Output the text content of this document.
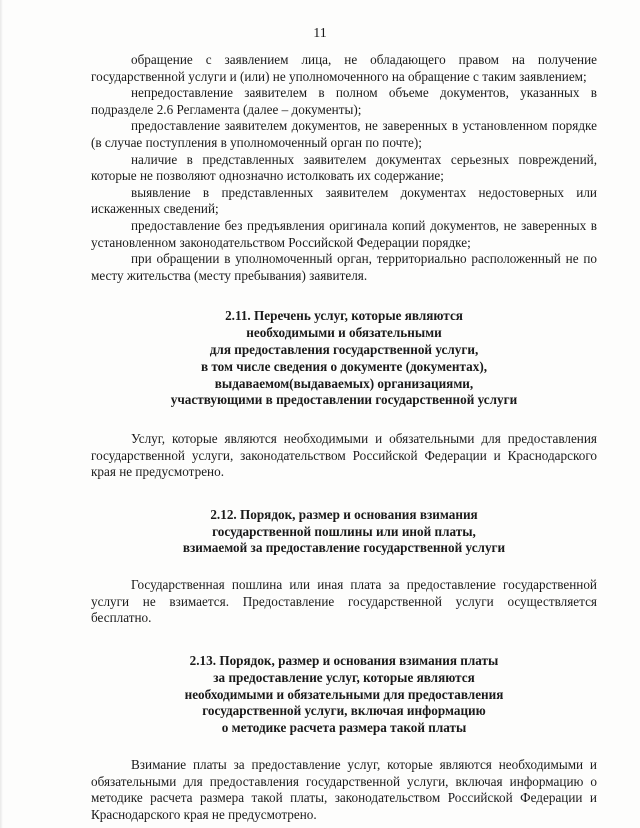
11

обращение с заявлением лица, не обладающего правом на получение государственной услуги и (или) не уполномоченного на обращение с таким заявлением;

непредоставление заявителем в полном объеме документов, указанных в подразделе 2.6 Регламента (далее – документы);

предоставление заявителем документов, не заверенных в установленном порядке (в случае поступления в уполномоченный орган по почте);

наличие в представленных заявителем документах серьезных повреждений, которые не позволяют однозначно истолковать их содержание;

выявление в представленных заявителем документах недостоверных или искаженных сведений;

предоставление без предъявления оригинала копий документов, не заверенных в установленном законодательством Российской Федерации порядке;

при обращении в уполномоченный орган, территориально расположенный не по месту жительства (месту пребывания) заявителя.

2.11. Перечень услуг, которые являются
необходимыми и обязательными
для предоставления государственной услуги,
в том числе сведения о документе (документах),
выдаваемом(выдаваемых) организациями,
участвующими в предоставлении государственной услуги

Услуг, которые являются необходимыми и обязательными для предоставления государственной услуги, законодательством Российской Федерации и Краснодарского края не предусмотрено.

2.12. Порядок, размер и основания взимания
государственной пошлины или иной платы,
взимаемой за предоставление государственной услуги

Государственная пошлина или иная плата за предоставление государственной услуги не взимается. Предоставление государственной услуги осуществляется бесплатно.

2.13. Порядок, размер и основания взимания платы
за предоставление услуг, которые являются
необходимыми и обязательными для предоставления
государственной услуги, включая информацию
о методике расчета размера такой платы

Взимание платы за предоставление услуг, которые являются необходимыми и обязательными для предоставления государственной услуги, включая информацию о методике расчета размера такой платы, законодательством Российской Федерации и Краснодарского края не предусмотрено.
